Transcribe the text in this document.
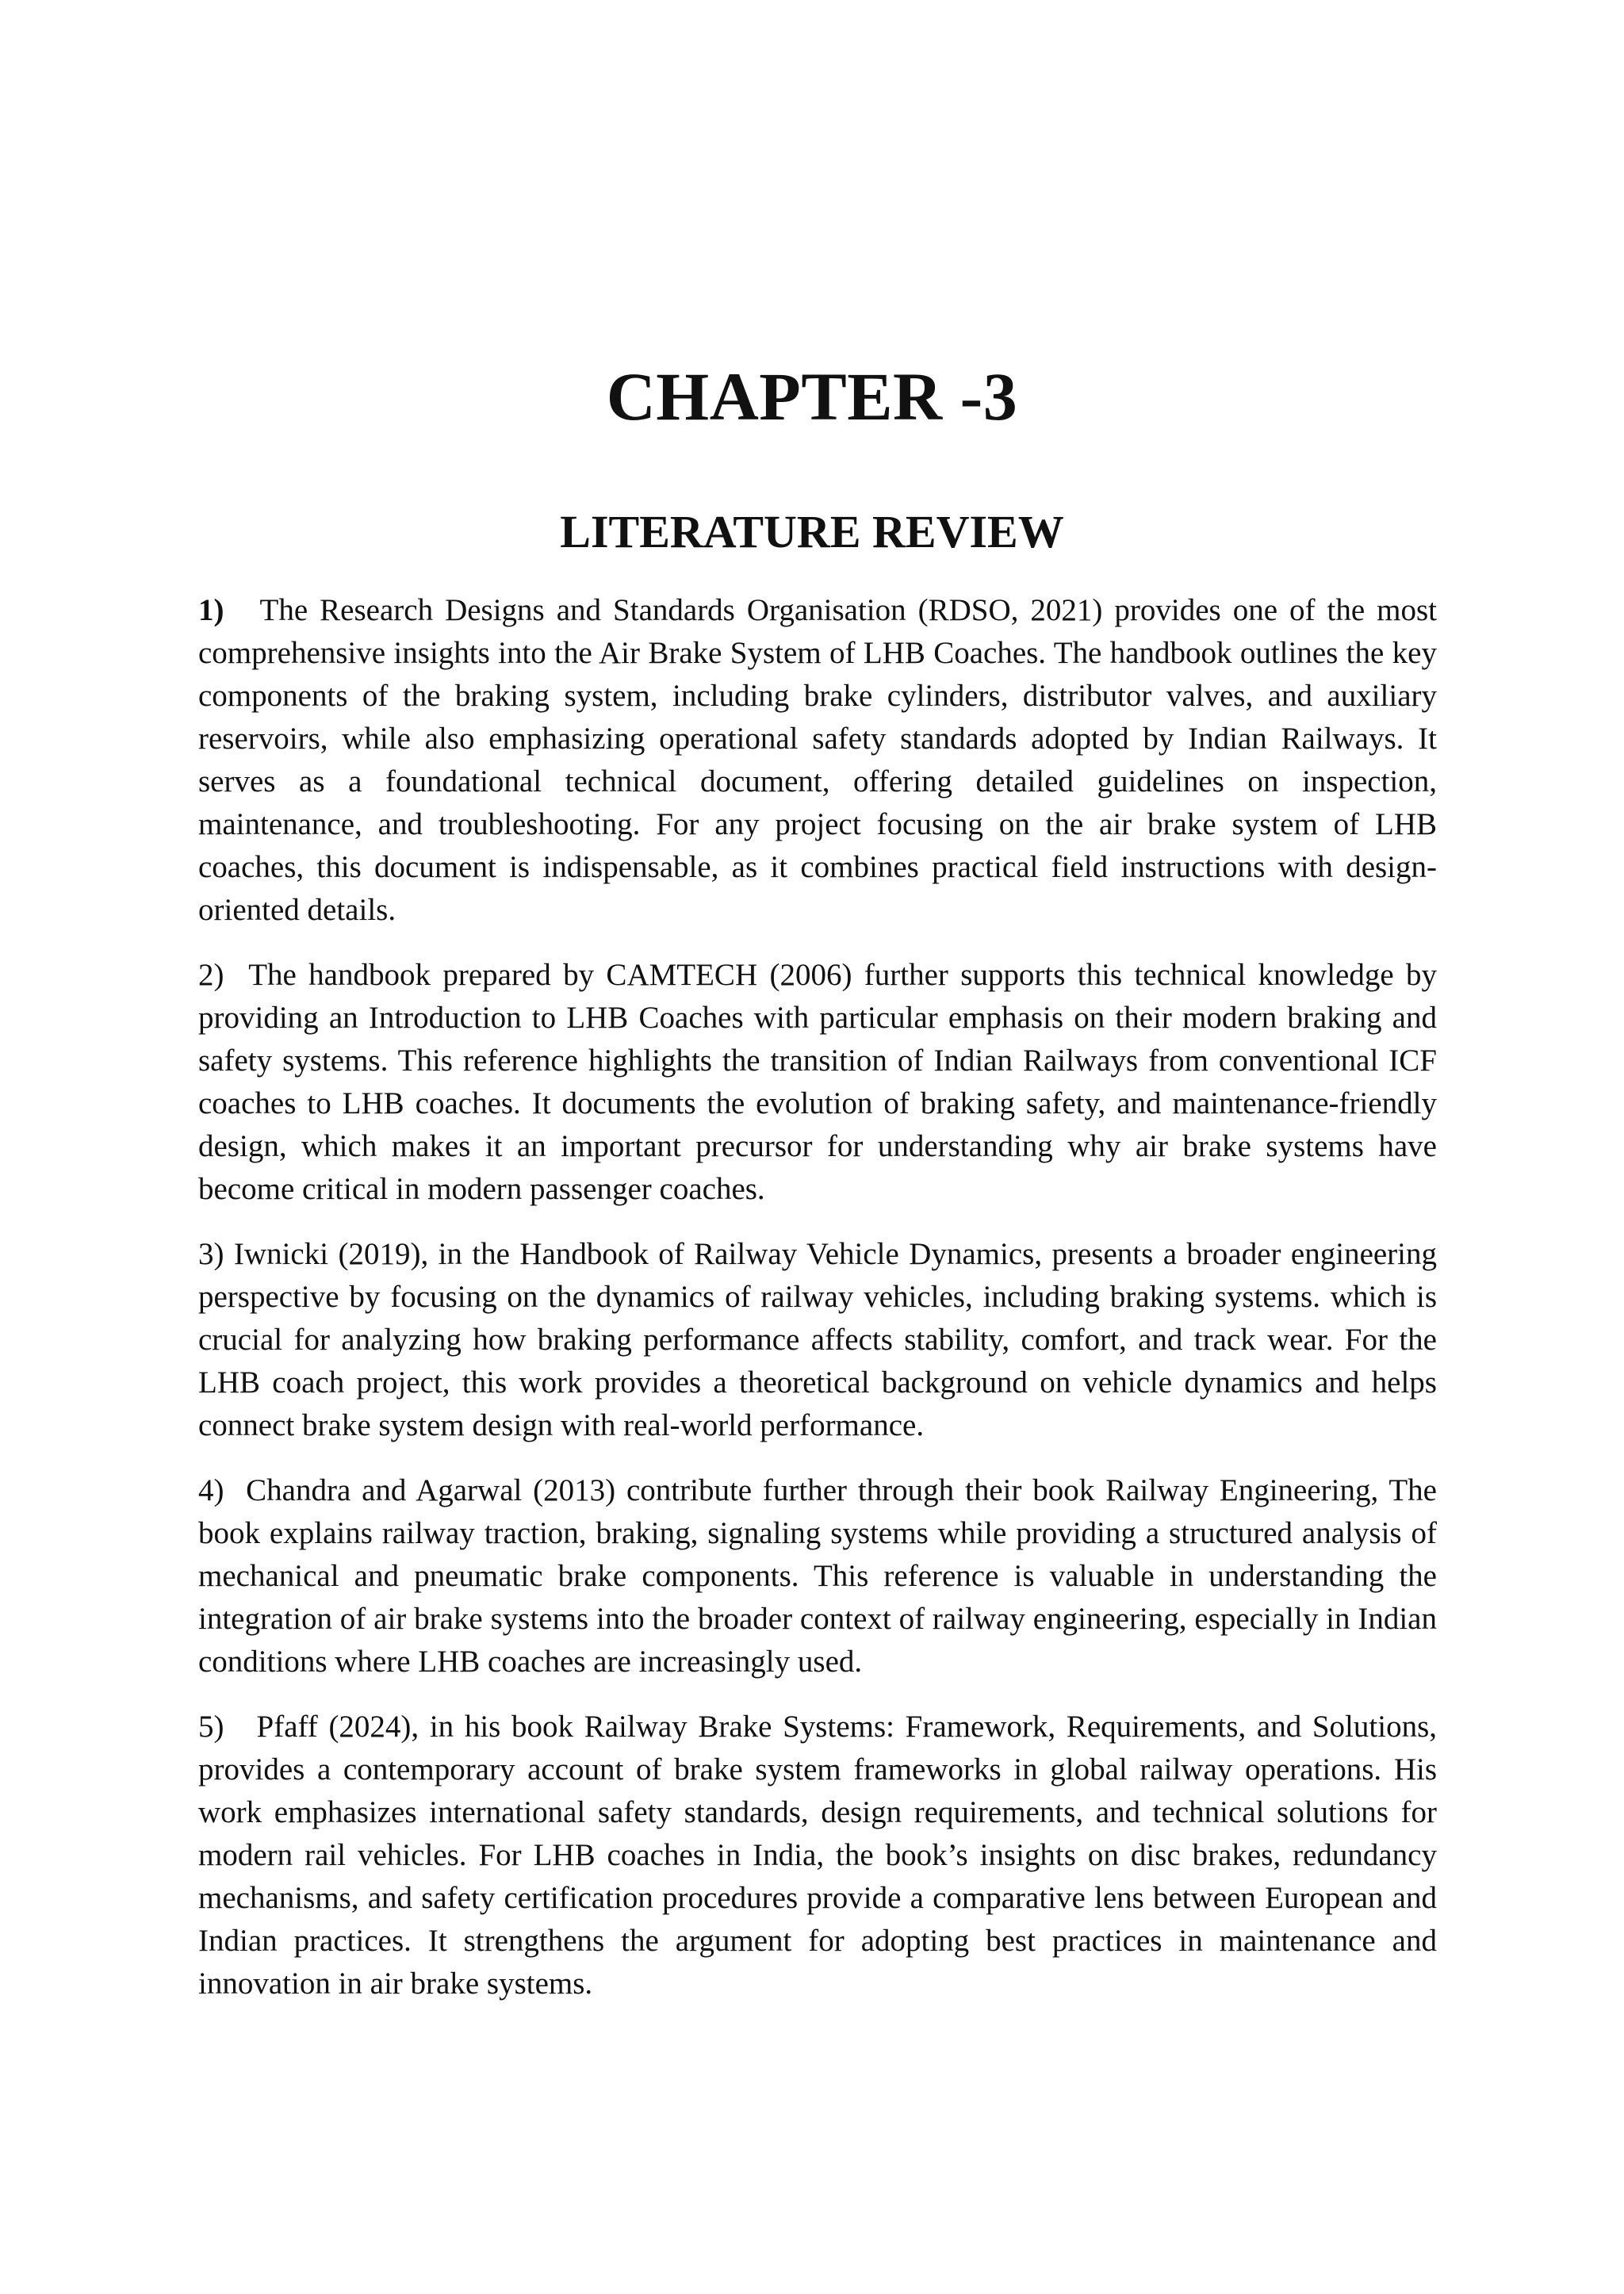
CHAPTER -3
LITERATURE REVIEW

1) The Research Designs and Standards Organisation (RDSO, 2021) provides one of the most comprehensive insights into the Air Brake System of LHB Coaches. The handbook outlines the key components of the braking system, including brake cylinders, distributor valves, and auxiliary reservoirs, while also emphasizing operational safety standards adopted by Indian Railways. It serves as a foundational technical document, offering detailed guidelines on inspection, maintenance, and troubleshooting. For any project focusing on the air brake system of LHB coaches, this document is indispensable, as it combines practical field instructions with design-oriented details.

2) The handbook prepared by CAMTECH (2006) further supports this technical knowledge by providing an Introduction to LHB Coaches with particular emphasis on their modern braking and safety systems. This reference highlights the transition of Indian Railways from conventional ICF coaches to LHB coaches. It documents the evolution of braking safety, and maintenance-friendly design, which makes it an important precursor for understanding why air brake systems have become critical in modern passenger coaches.

3) Iwnicki (2019), in the Handbook of Railway Vehicle Dynamics, presents a broader engineering perspective by focusing on the dynamics of railway vehicles, including braking systems. which is crucial for analyzing how braking performance affects stability, comfort, and track wear. For the LHB coach project, this work provides a theoretical background on vehicle dynamics and helps connect brake system design with real-world performance.

4) Chandra and Agarwal (2013) contribute further through their book Railway Engineering, The book explains railway traction, braking, signaling systems while providing a structured analysis of mechanical and pneumatic brake components. This reference is valuable in understanding the integration of air brake systems into the broader context of railway engineering, especially in Indian conditions where LHB coaches are increasingly used.

5) Pfaff (2024), in his book Railway Brake Systems: Framework, Requirements, and Solutions, provides a contemporary account of brake system frameworks in global railway operations. His work emphasizes international safety standards, design requirements, and technical solutions for modern rail vehicles. For LHB coaches in India, the book’s insights on disc brakes, redundancy mechanisms, and safety certification procedures provide a comparative lens between European and Indian practices. It strengthens the argument for adopting best practices in maintenance and innovation in air brake systems.
